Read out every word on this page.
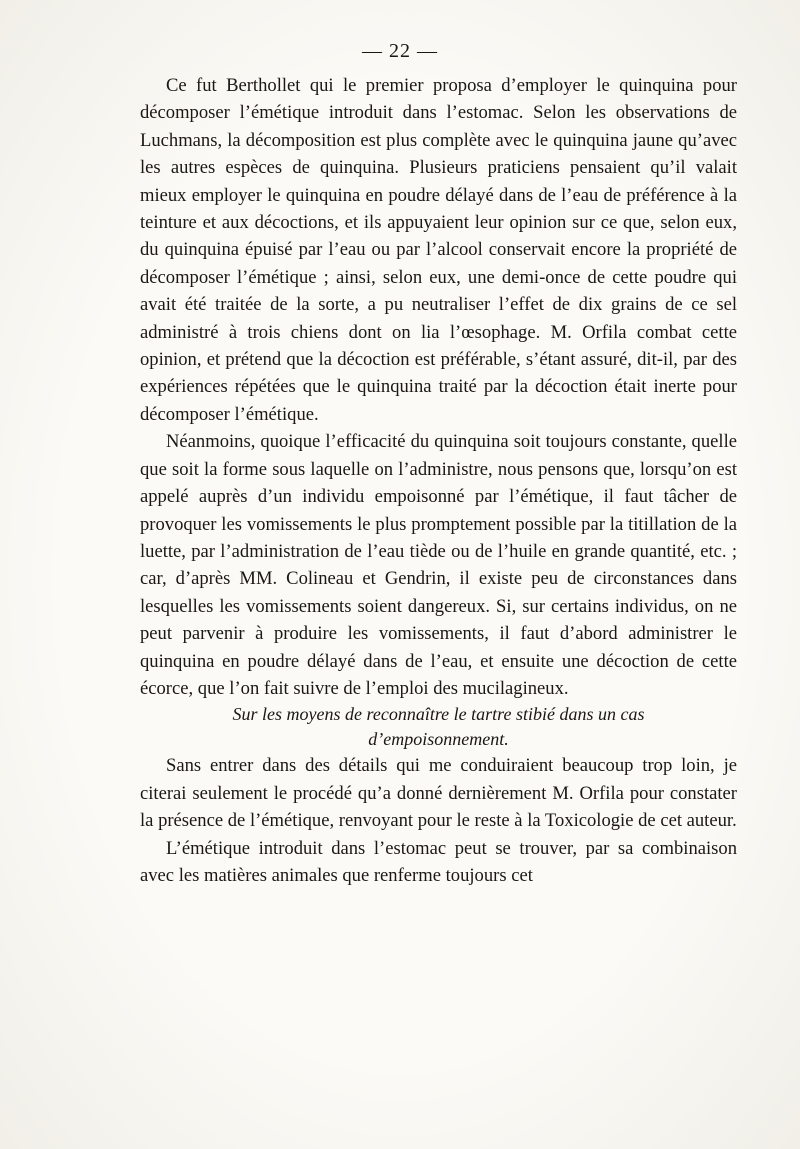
— 22 —

Ce fut Berthollet qui le premier proposa d’employer le quinquina pour décomposer l’émétique introduit dans l’estomac. Selon les observations de Luchmans, la décomposition est plus complète avec le quinquina jaune qu’avec les autres espèces de quinquina. Plusieurs praticiens pensaient qu’il valait mieux employer le quinquina en poudre délayé dans de l’eau de préférence à la teinture et aux décoctions, et ils appuyaient leur opinion sur ce que, selon eux, du quinquina épuisé par l’eau ou par l’alcool conservait encore la propriété de décomposer l’émétique ; ainsi, selon eux, une demi-once de cette poudre qui avait été traitée de la sorte, a pu neutraliser l’effet de dix grains de ce sel administré à trois chiens dont on lia l’œsophage. M. Orfila combat cette opinion, et prétend que la décoction est préférable, s’étant assuré, dit-il, par des expériences répétées que le quinquina traité par la décoction était inerte pour décomposer l’émétique.

Néanmoins, quoique l’efficacité du quinquina soit toujours constante, quelle que soit la forme sous laquelle on l’administre, nous pensons que, lorsqu’on est appelé auprès d’un individu empoisonné par l’émétique, il faut tâcher de provoquer les vomissements le plus promptement possible par la titillation de la luette, par l’administration de l’eau tiède ou de l’huile en grande quantité, etc. ; car, d’après MM. Colineau et Gendrin, il existe peu de circonstances dans lesquelles les vomissements soient dangereux. Si, sur certains individus, on ne peut parvenir à produire les vomissements, il faut d’abord administrer le quinquina en poudre délayé dans de l’eau, et ensuite une décoction de cette écorce, que l’on fait suivre de l’emploi des mucilagineux.

Sur les moyens de reconnaître le tartre stibié dans un cas
d’empoisonnement.

Sans entrer dans des détails qui me conduiraient beaucoup trop loin, je citerai seulement le procédé qu’a donné dernièrement M. Orfila pour constater la présence de l’émétique, renvoyant pour le reste à la Toxicologie de cet auteur.

L’émétique introduit dans l’estomac peut se trouver, par sa combinaison avec les matières animales que renferme toujours cet
